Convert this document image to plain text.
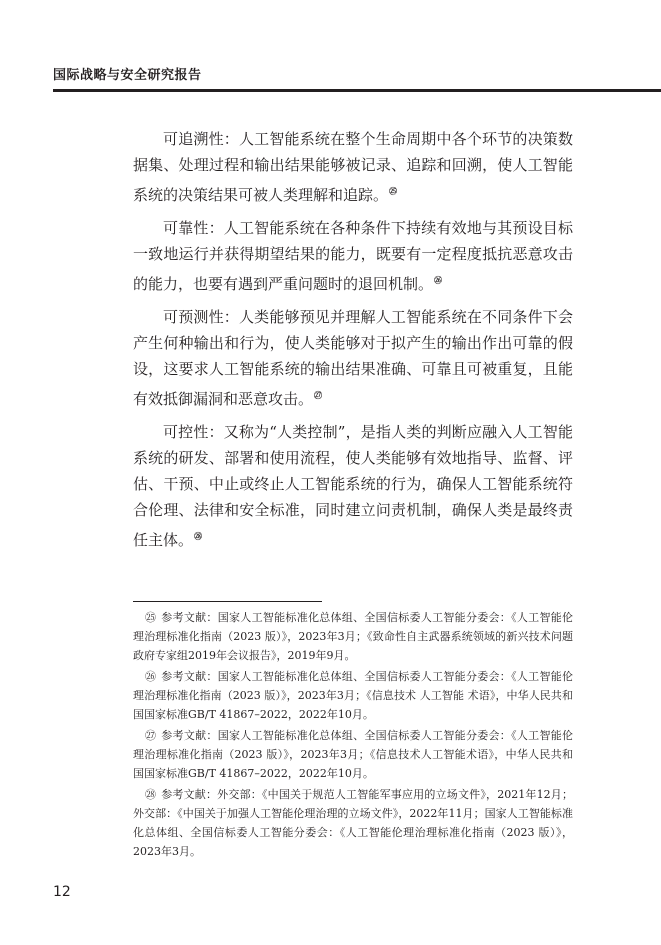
国际战略与安全研究报告

可追溯性：人工智能系统在整个生命周期中各个环节的决策数据集、处理过程和输出结果能够被记录、追踪和回溯，使人工智能系统的决策结果可被人类理解和追踪。$^㉕$

可靠性：人工智能系统在各种条件下持续有效地与其预设目标一致地运行并获得期望结果的能力，既要有一定程度抵抗恶意攻击的能力，也要有遇到严重问题时的退回机制。$^㉖$

可预测性：人类能够预见并理解人工智能系统在不同条件下会产生何种输出和行为，使人类能够对于拟产生的输出作出可靠的假设，这要求人工智能系统的输出结果准确、可靠且可被重复，且能有效抵御漏洞和恶意攻击。$^㉗$

可控性：又称为“人类控制”，是指人类的判断应融入人工智能系统的研发、部署和使用流程，使人类能够有效地指导、监督、评估、干预、中止或终止人工智能系统的行为，确保人工智能系统符合伦理、法律和安全标准，同时建立问责机制，确保人类是最终责任主体。$^㉘$

㉕ 参考文献：国家人工智能标准化总体组、全国信标委人工智能分委会：《人工智能伦理治理标准化指南（2023 版）》，2023年3月；《致命性自主武器系统领域的新兴技术问题政府专家组2019年会议报告》，2019年9月。

㉖ 参考文献：国家人工智能标准化总体组、全国信标委人工智能分委会：《人工智能伦理治理标准化指南（2023 版）》，2023年3月；《信息技术 人工智能 术语》，中华人民共和国国家标准GB/T 41867–2022，2022年10月。

㉗ 参考文献：国家人工智能标准化总体组、全国信标委人工智能分委会：《人工智能伦理治理标准化指南（2023 版）》，2023年3月；《信息技术人工智能术语》，中华人民共和国国家标准GB/T 41867–2022，2022年10月。

㉘ 参考文献：外交部：《中国关于规范人工智能军事应用的立场文件》，2021年12月；外交部：《中国关于加强人工智能伦理治理的立场文件》，2022年11月；国家人工智能标准化总体组、全国信标委人工智能分委会：《人工智能伦理治理标准化指南（2023 版）》，2023年3月。

12
